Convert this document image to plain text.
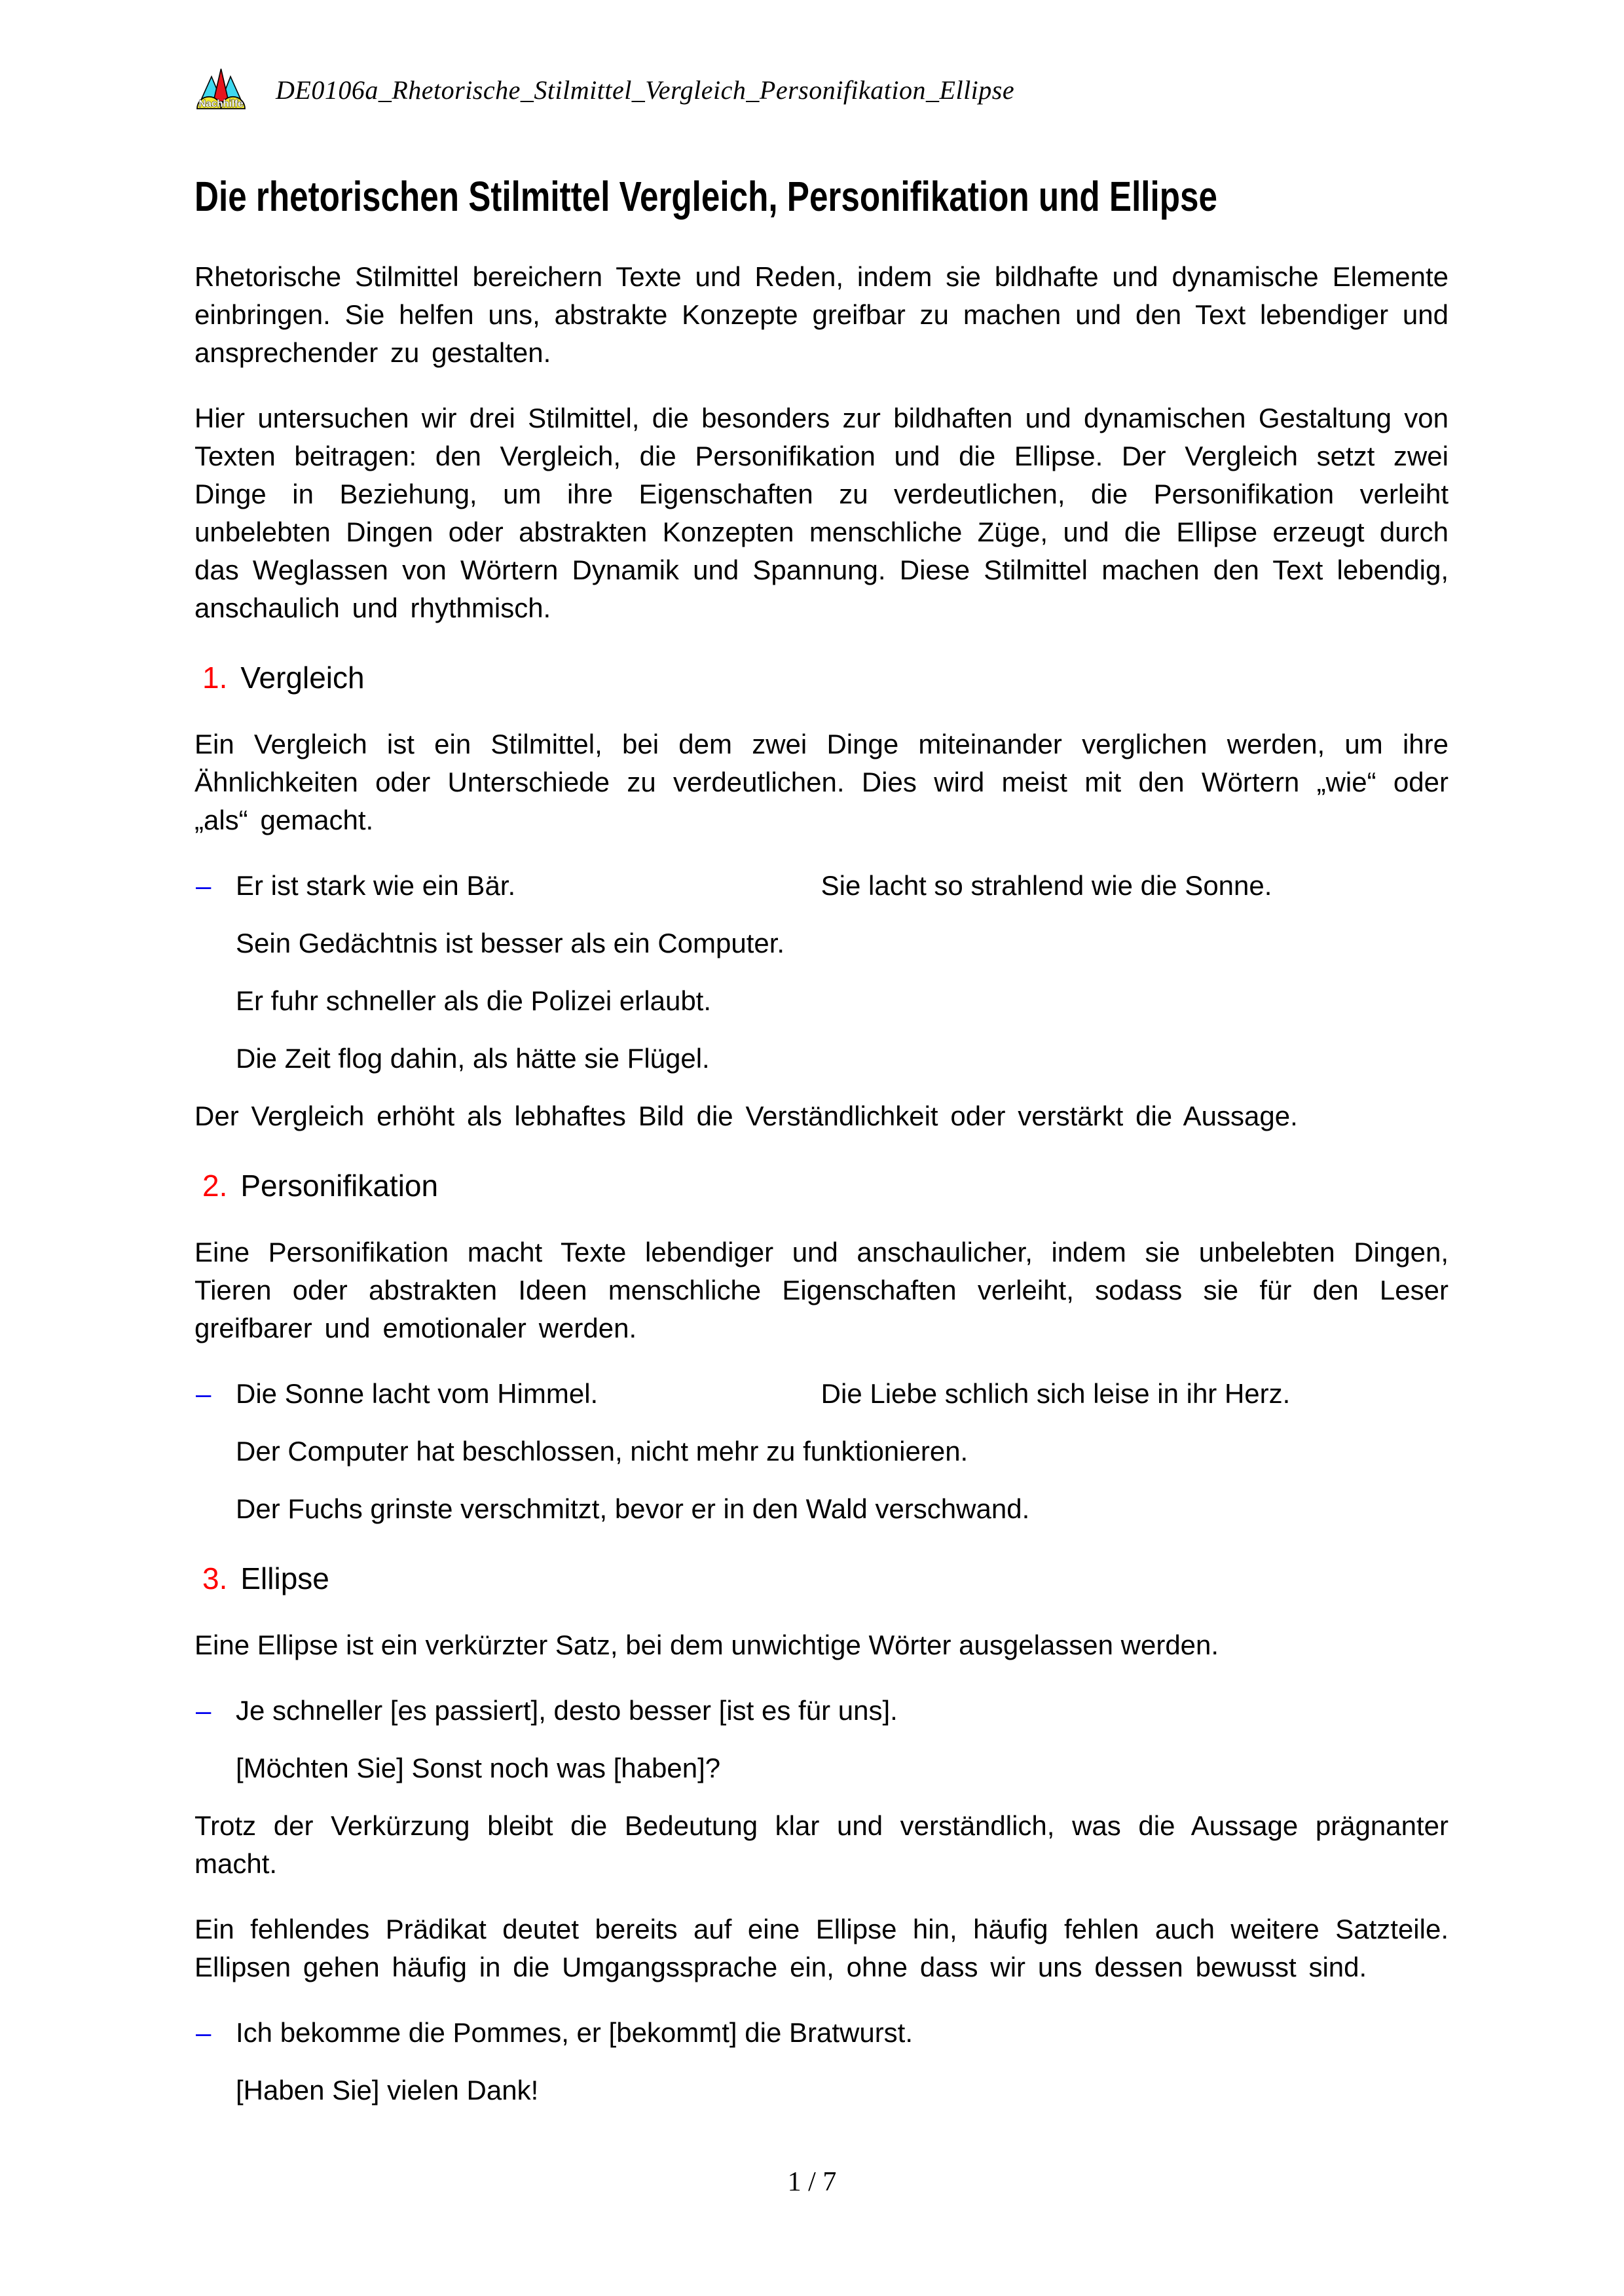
Nachhilfe DE0106a_Rhetorische_Stilmittel_Vergleich_Personifikation_Ellipse
Die rhetorischen Stilmittel Vergleich, Personifikation und Ellipse

Rhetorische Stilmittel bereichern Texte und Reden, indem sie bildhafte und dynamische Elemente einbringen. Sie helfen uns, abstrakte Konzepte greifbar zu machen und den Text lebendiger und ansprechender zu gestalten.

Hier untersuchen wir drei Stilmittel, die besonders zur bildhaften und dynamischen Gestaltung von Texten beitragen: den Vergleich, die Personifikation und die Ellipse. Der Vergleich setzt zwei Dinge in Beziehung, um ihre Eigenschaften zu verdeutlichen, die Personifikation verleiht unbelebten Dingen oder abstrakten Konzepten menschliche Züge, und die Ellipse erzeugt durch das Weglassen von Wörtern Dynamik und Spannung. Diese Stilmittel machen den Text lebendig, anschaulich und rhythmisch.

1. Vergleich

Ein Vergleich ist ein Stilmittel, bei dem zwei Dinge miteinander verglichen werden, um ihre Ähnlichkeiten oder Unterschiede zu verdeutlichen. Dies wird meist mit den Wörtern „wie“ oder „als“ gemacht.

– Er ist stark wie ein Bär.	Sie lacht so strahlend wie die Sonne.
Sein Gedächtnis ist besser als ein Computer.
Er fuhr schneller als die Polizei erlaubt.
Die Zeit flog dahin, als hätte sie Flügel.

Der Vergleich erhöht als lebhaftes Bild die Verständlichkeit oder verstärkt die Aussage.

2. Personifikation

Eine Personifikation macht Texte lebendiger und anschaulicher, indem sie unbelebten Dingen, Tieren oder abstrakten Ideen menschliche Eigenschaften verleiht, sodass sie für den Leser greifbarer und emotionaler werden.

– Die Sonne lacht vom Himmel.	Die Liebe schlich sich leise in ihr Herz.
Der Computer hat beschlossen, nicht mehr zu funktionieren.
Der Fuchs grinste verschmitzt, bevor er in den Wald verschwand.
3. Ellipse

Eine Ellipse ist ein verkürzter Satz, bei dem unwichtige Wörter ausgelassen werden.

– Je schneller [es passiert], desto besser [ist es für uns].
[Möchten Sie] Sonst noch was [haben]?

Trotz der Verkürzung bleibt die Bedeutung klar und verständlich, was die Aussage prägnanter macht.

Ein fehlendes Prädikat deutet bereits auf eine Ellipse hin, häufig fehlen auch weitere Satzteile. Ellipsen gehen häufig in die Umgangssprache ein, ohne dass wir uns dessen bewusst sind.

– Ich bekomme die Pommes, er [bekommt] die Bratwurst.
[Haben Sie] vielen Dank!
1 / 7
